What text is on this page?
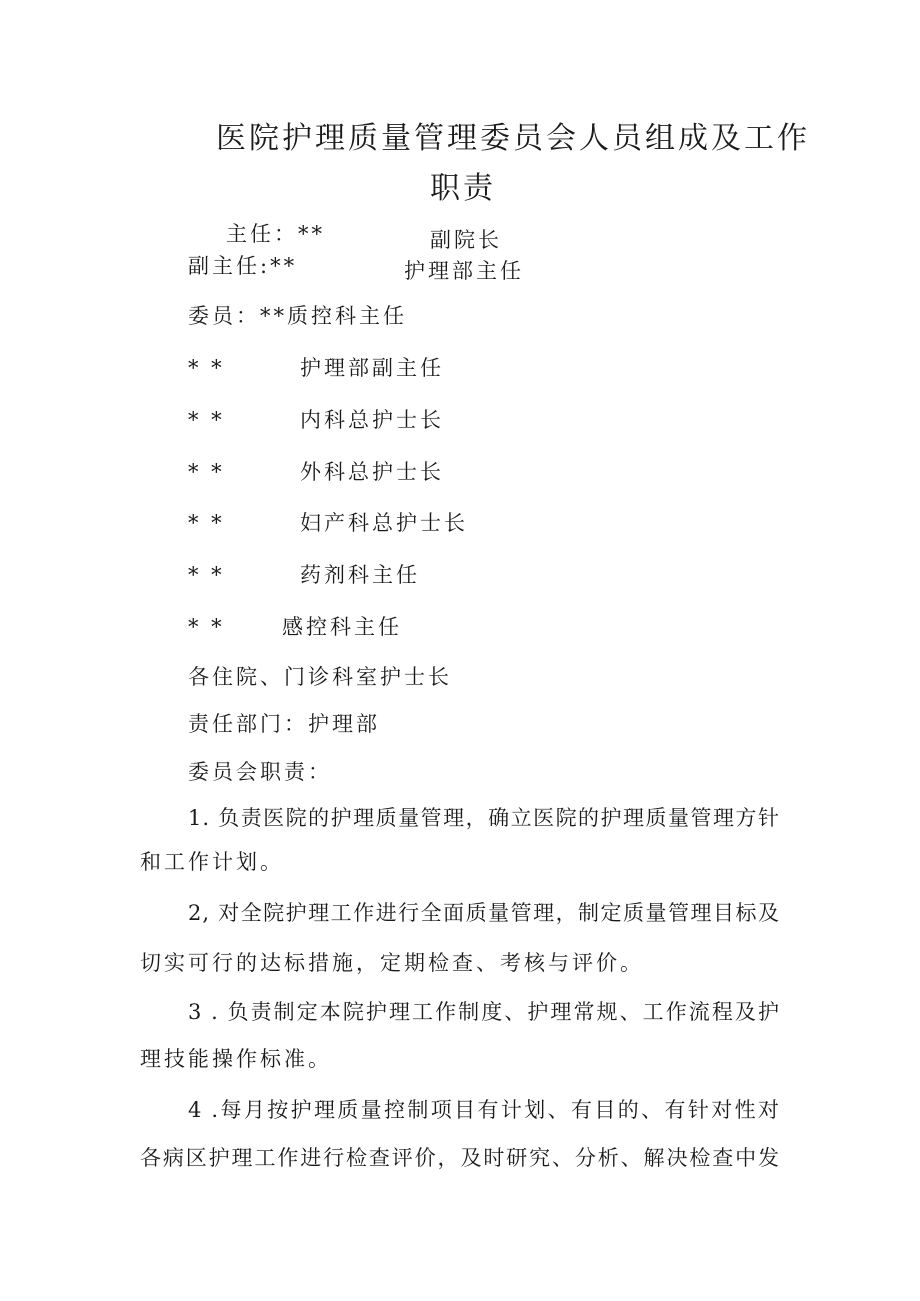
医院护理质量管理委员会人员组成及工作
职责
主任：**	副院长
副主任:**	护理部主任
委员：**质控科主任
* *	护理部副主任
* *	内科总护士长
* *	外科总护士长
* *	妇产科总护士长
* *	药剂科主任
* *	感控科主任
各住院、门诊科室护士长
责任部门：护理部
委员会职责：
1. 负责医院的护理质量管理，确立医院的护理质量管理方针
和工作计划。
2, 对全院护理工作进行全面质量管理，制定质量管理目标及
切实可行的达标措施，定期检查、考核与评价。
3 . 负责制定本院护理工作制度、护理常规、工作流程及护
理技能操作标准。
4 .每月按护理质量控制项目有计划、有目的、有针对性对
各病区护理工作进行检查评价，及时研究、分析、解决检查中发
